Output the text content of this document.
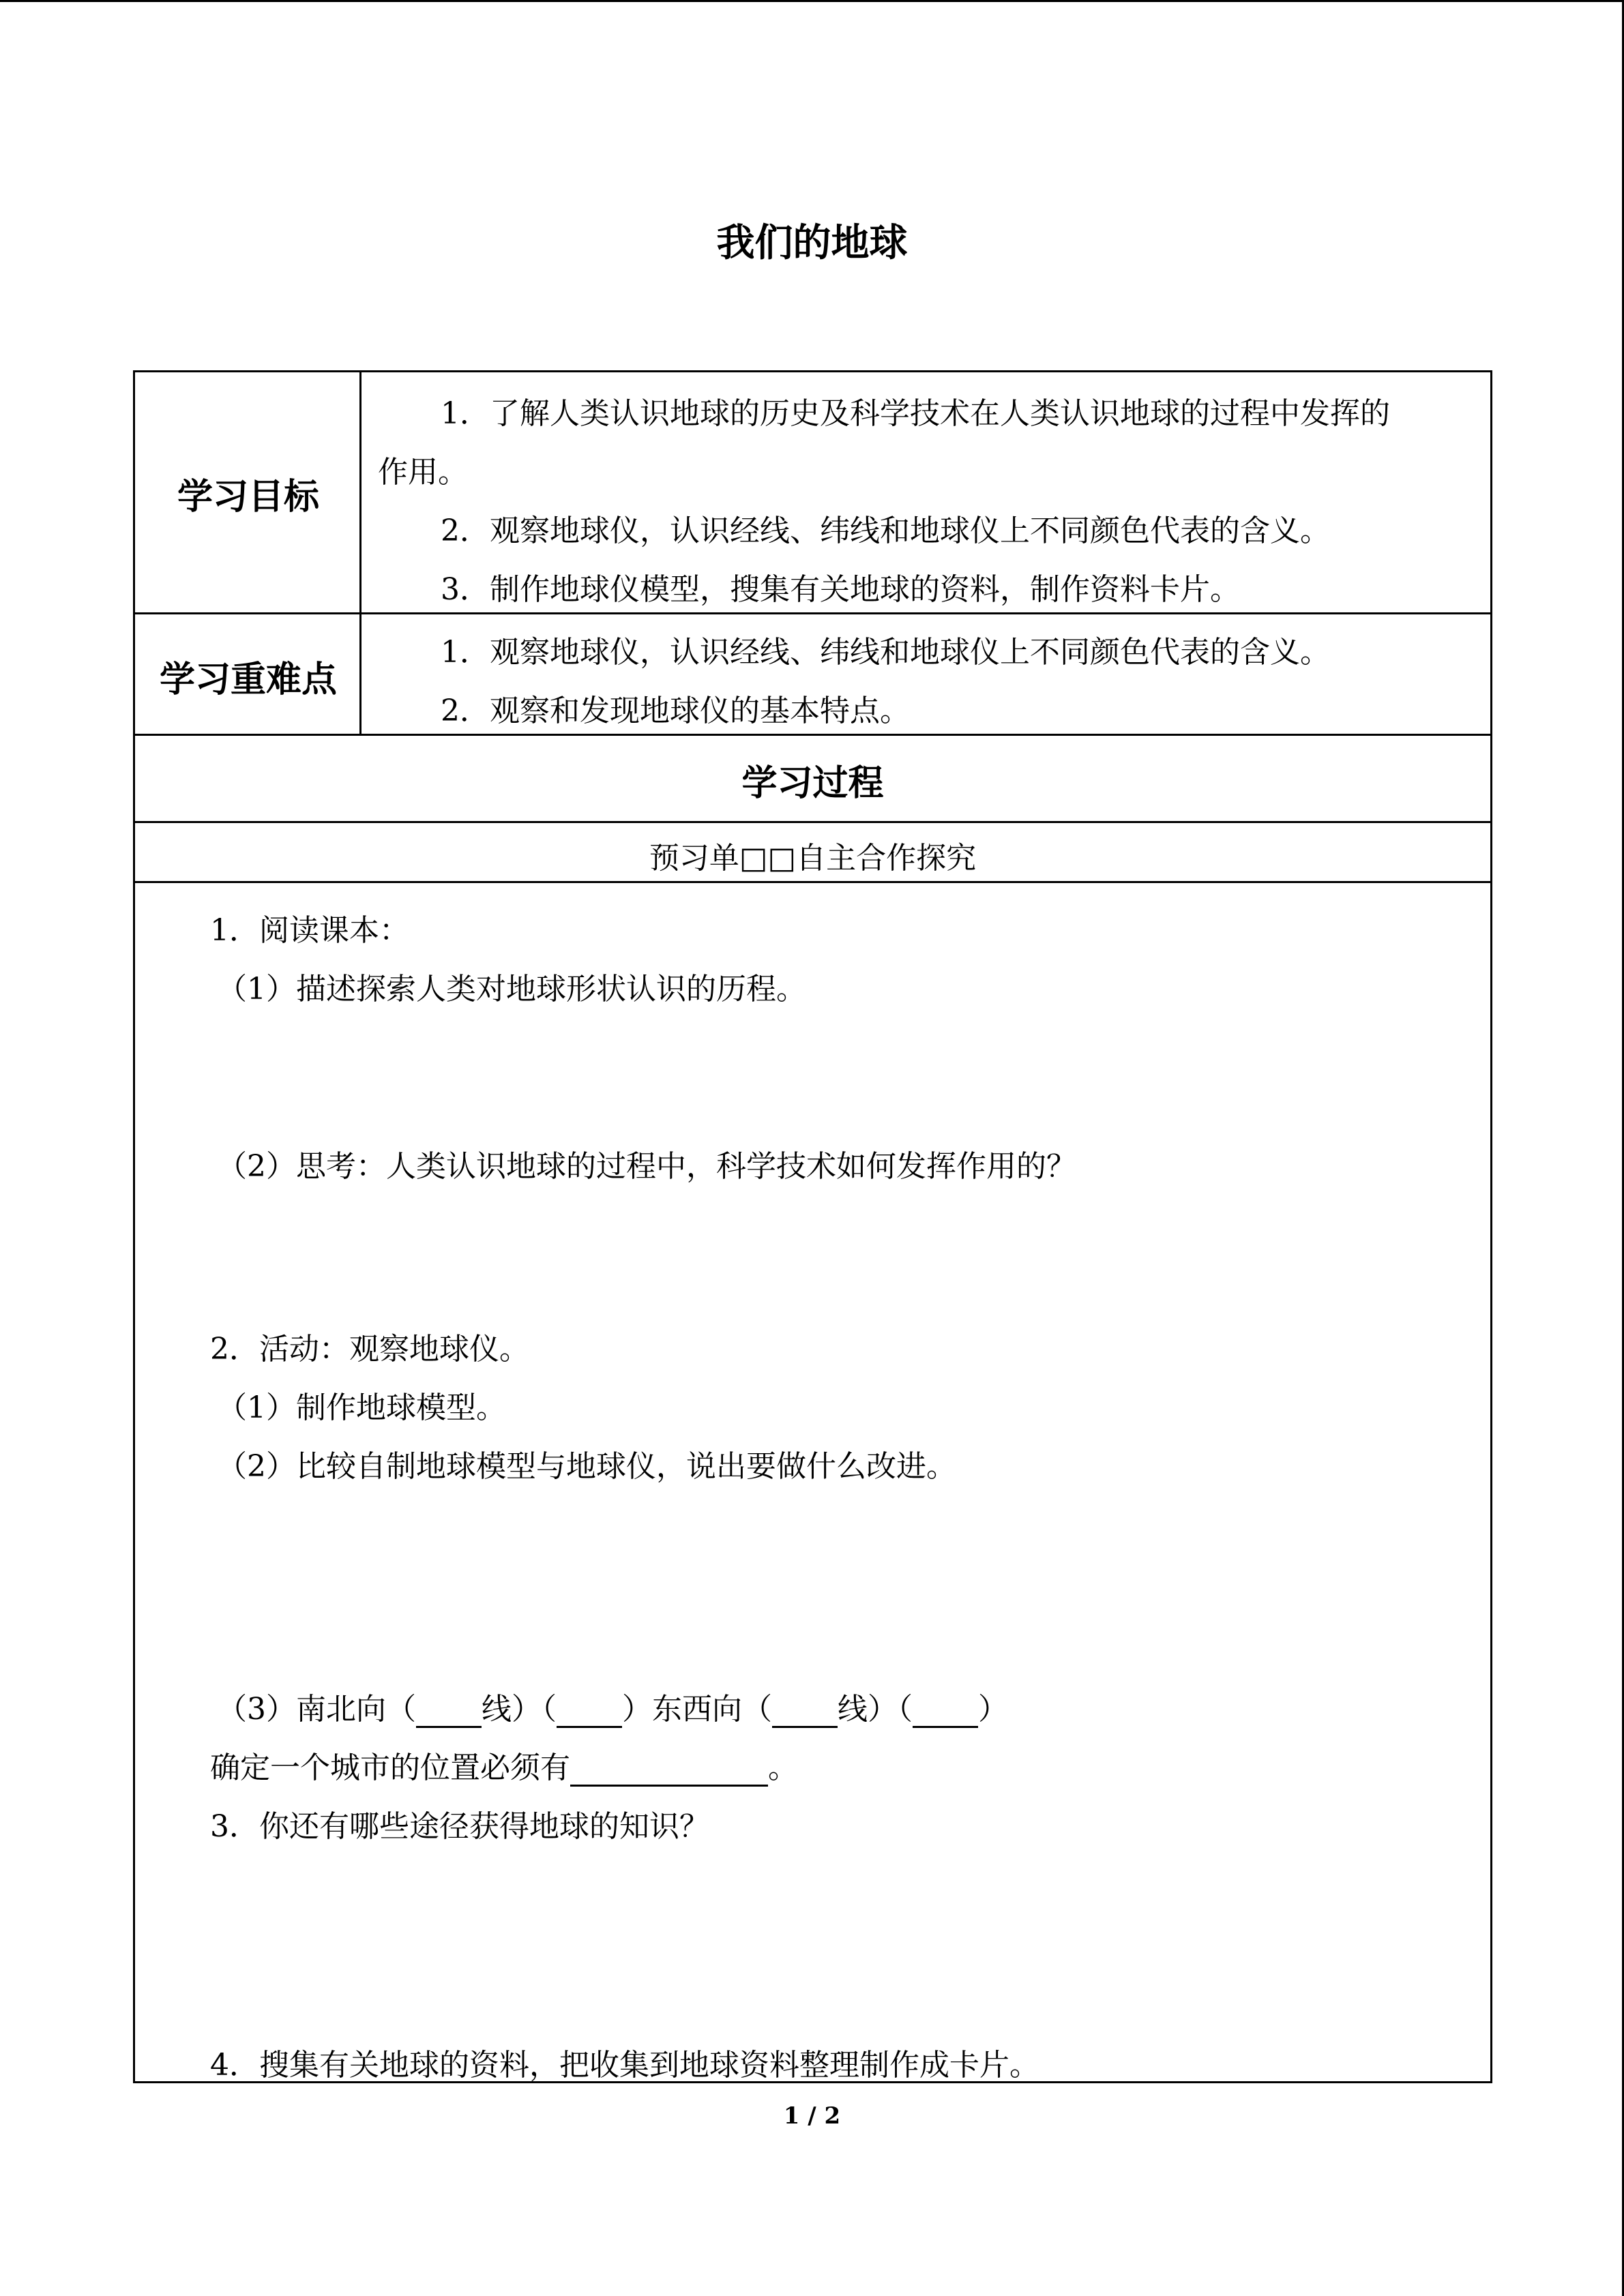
我们的地球
学习目标
1．了解人类认识地球的历史及科学技术在人类认识地球的过程中发挥的
作用。
2．观察地球仪，认识经线、纬线和地球仪上不同颜色代表的含义。
3．制作地球仪模型，搜集有关地球的资料，制作资料卡片。
学习重难点
1．观察地球仪，认识经线、纬线和地球仪上不同颜色代表的含义。
2．观察和发现地球仪的基本特点。
学习过程
预习单□□自主合作探究
1．阅读课本：
（1）描述探索人类对地球形状认识的历程。
（2）思考：人类认识地球的过程中，科学技术如何发挥作用的？
2．活动：观察地球仪。
（1）制作地球模型。
（2）比较自制地球模型与地球仪，说出要做什么改进。
（3）南北向（ 线）（ ）东西向（ 线）（ ）
确定一个城市的位置必须有	。
3．你还有哪些途径获得地球的知识？
4．搜集有关地球的资料，把收集到地球资料整理制作成卡片。
1 / 2
